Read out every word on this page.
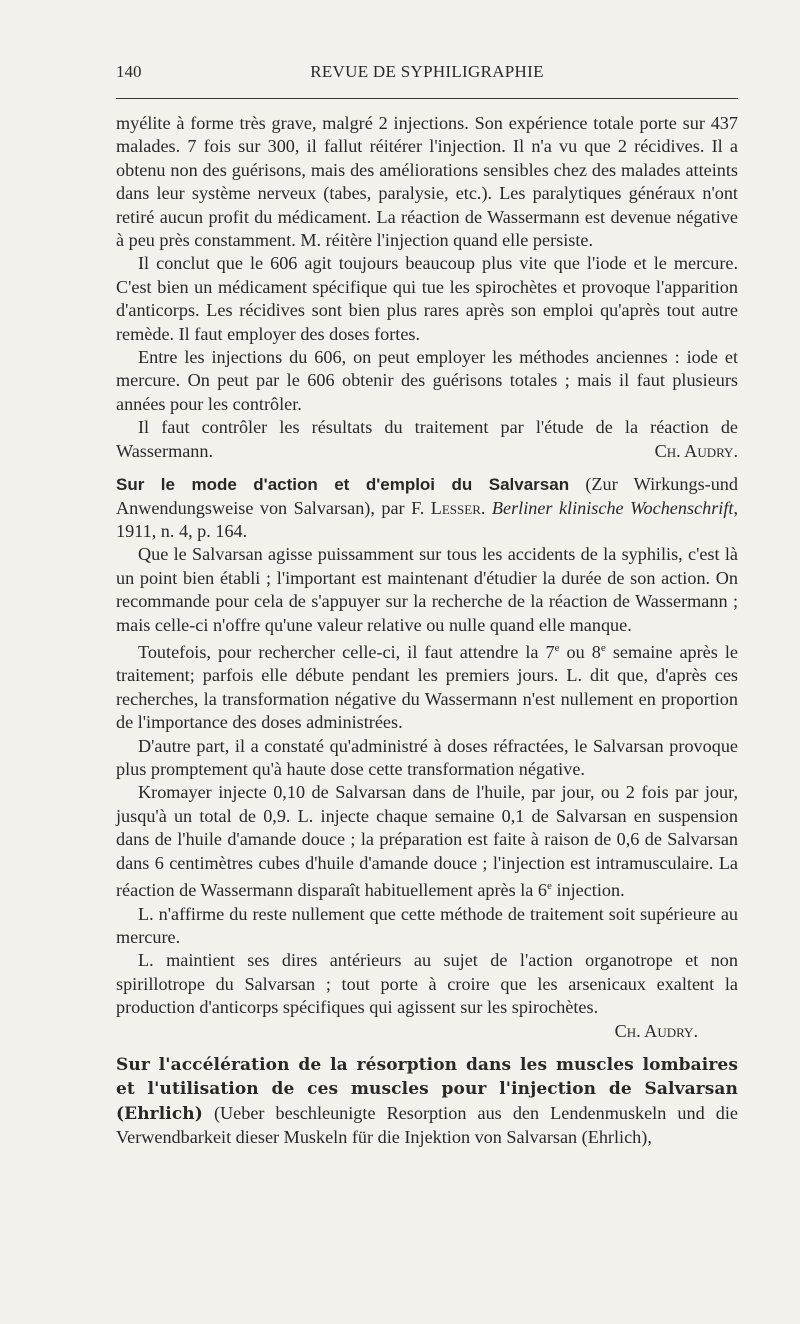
140	REVUE DE SYPHILIGRAPHIE

myélite à forme très grave, malgré 2 injections. Son expérience totale porte sur 437 malades. 7 fois sur 300, il fallut réitérer l'injection. Il n'a vu que 2 récidives. Il a obtenu non des guérisons, mais des améliorations sensibles chez des malades atteints dans leur système nerveux (tabes, paralysie, etc.). Les paralytiques généraux n'ont retiré aucun profit du médicament. La réaction de Wassermann est devenue négative à peu près constamment. M. réitère l'injection quand elle persiste.

Il conclut que le 606 agit toujours beaucoup plus vite que l'iode et le mercure. C'est bien un médicament spécifique qui tue les spirochètes et provoque l'apparition d'anticorps. Les récidives sont bien plus rares après son emploi qu'après tout autre remède. Il faut employer des doses fortes.

Entre les injections du 606, on peut employer les méthodes anciennes : iode et mercure. On peut par le 606 obtenir des guérisons totales ; mais il faut plusieurs années pour les contrôler.

Il faut contrôler les résultats du traitement par l'étude de la réaction de Wassermann.	Ch. Audry.

Sur le mode d'action et d'emploi du Salvarsan (Zur Wirkungs-und Anwendungsweise von Salvarsan), par F. Lesser. Berliner klinische Wochenschrift, 1911, n. 4, p. 164.

Que le Salvarsan agisse puissamment sur tous les accidents de la syphilis, c'est là un point bien établi ; l'important est maintenant d'étudier la durée de son action. On recommande pour cela de s'appuyer sur la recherche de la réaction de Wassermann ; mais celle-ci n'offre qu'une valeur relative ou nulle quand elle manque.

Toutefois, pour rechercher celle-ci, il faut attendre la 7e ou 8e semaine après le traitement; parfois elle débute pendant les premiers jours. L. dit que, d'après ces recherches, la transformation négative du Wassermann n'est nullement en proportion de l'importance des doses administrées.

D'autre part, il a constaté qu'administré à doses réfractées, le Salvarsan provoque plus promptement qu'à haute dose cette transformation négative.

Kromayer injecte 0,10 de Salvarsan dans de l'huile, par jour, ou 2 fois par jour, jusqu'à un total de 0,9. L. injecte chaque semaine 0,1 de Salvarsan en suspension dans de l'huile d'amande douce ; la préparation est faite à raison de 0,6 de Salvarsan dans 6 centimètres cubes d'huile d'amande douce ; l'injection est intramusculaire. La réaction de Wassermann disparaît habituellement après la 6e injection.

L. n'affirme du reste nullement que cette méthode de traitement soit supérieure au mercure.

L. maintient ses dires antérieurs au sujet de l'action organotrope et non spirillotrope du Salvarsan ; tout porte à croire que les arsenicaux exaltent la production d'anticorps spécifiques qui agissent sur les spirochètes.

Ch. Audry.

Sur l'accélération de la résorption dans les muscles lombaires et l'utilisation de ces muscles pour l'injection de Salvarsan (Ehrlich) (Ueber beschleunigte Resorption aus den Lendenmuskeln und die Verwendbarkeit dieser Muskeln für die Injektion von Salvarsan (Ehrlich),
